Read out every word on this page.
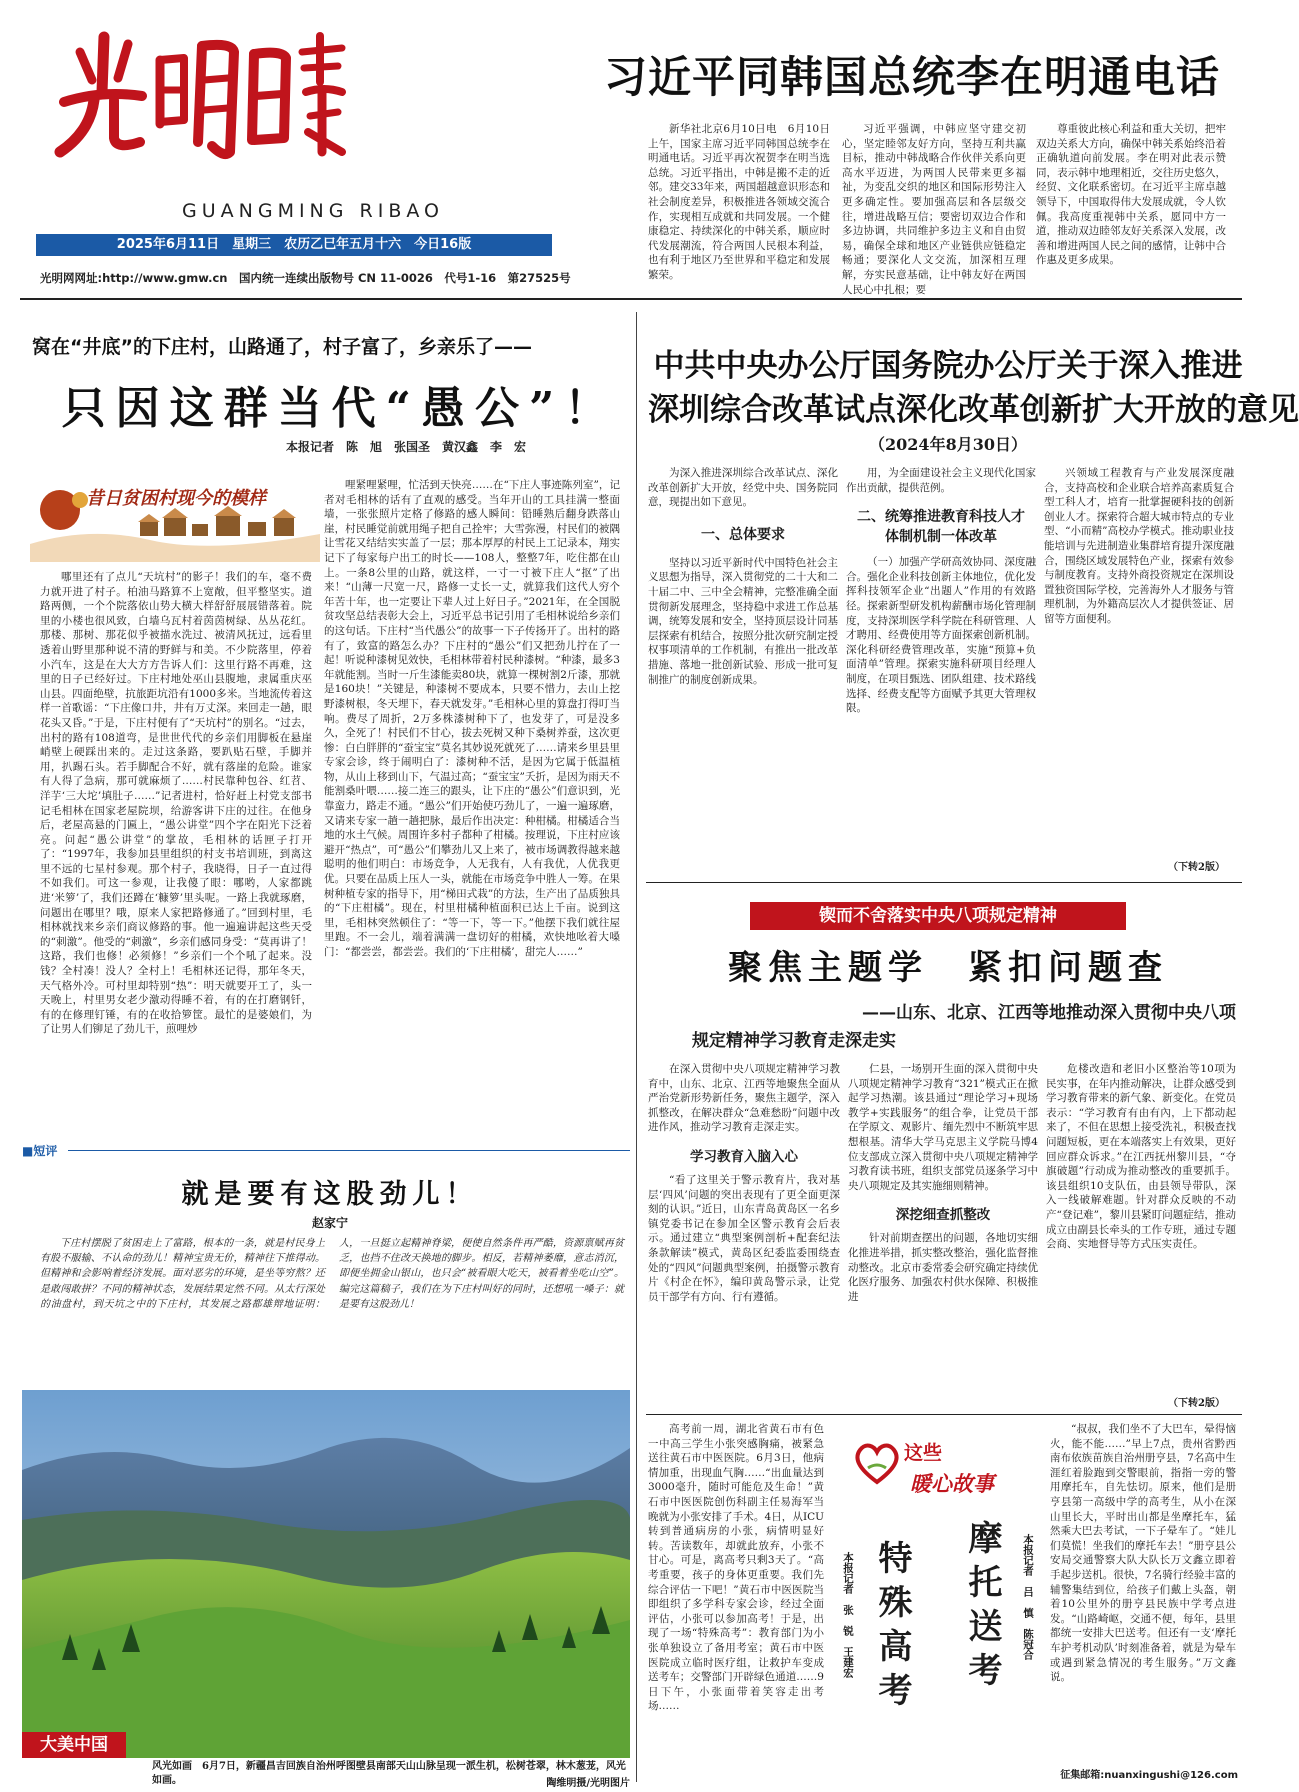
GUANGMING RIBAO
2025年6月11日　星期三　农历乙巳年五月十六　今日16版
光明网网址:http://www.gmw.cn　国内统一连续出版物号 CN 11-0026　代号1-16　第27525号
习近平同韩国总统李在明通电话

新华社北京6月10日电　6月10日上午，国家主席习近平同韩国总统李在明通电话。习近平再次祝贺李在明当选总统。习近平指出，中韩是搬不走的近邻。建交33年来，两国超越意识形态和社会制度差异，积极推进各领域交流合作，实现相互成就和共同发展。一个健康稳定、持续深化的中韩关系，顺应时代发展潮流，符合两国人民根本利益，也有利于地区乃至世界和平稳定和发展繁荣。

习近平强调，中韩应坚守建交初心，坚定睦邻友好方向，坚持互利共赢目标，推动中韩战略合作伙伴关系向更高水平迈进，为两国人民带来更多福祉，为变乱交织的地区和国际形势注入更多确定性。要加强高层和各层级交往，增进战略互信；要密切双边合作和多边协调，共同维护多边主义和自由贸易，确保全球和地区产业链供应链稳定畅通；要深化人文交流，加深相互理解，夯实民意基础，让中韩友好在两国人民心中扎根；要

尊重彼此核心利益和重大关切，把牢双边关系大方向，确保中韩关系始终沿着正确轨道向前发展。李在明对此表示赞同，表示韩中地理相近，交往历史悠久，经贸、文化联系密切。在习近平主席卓越领导下，中国取得伟大发展成就，令人钦佩。我高度重视韩中关系，愿同中方一道，推动双边睦邻友好关系深入发展，改善和增进两国人民之间的感情，让韩中合作惠及更多成果。

窝在“井底”的下庄村，山路通了，村子富了，乡亲乐了——
只因这群当代“愚公”！
本报记者　陈　旭　张国圣　黄汉鑫　李　宏
昔日贫困村现今的模样

哪里还有了点儿“天坑村”的影子！我们的车，毫不费力就开进了村子。柏油马路算不上宽敞，但平整坚实。道路两侧，一个个院落依山势大横大样舒舒展展错落着。院里的小楼也很风致，白墙乌瓦村着茵茵树绿、丛丛花红。那楼、那树、那花似乎被描水洗过、被清风抚过，远看里透着山野里那种说不清的野鲜与和美。不少院落里，停着小汽车，这是在大大方方告诉人们：这里行路不再难，这里的日子已经好过。下庄村地处巫山县腹地，隶属重庆巫山县。四面绝壁，抗旅距坑沿有1000多米。当地流传着这样一首歌谣：“下庄像口井，井有万丈深。来回走一趟，眼花头又昏。”于是，下庄村便有了“天坑村”的别名。“过去，出村的路有108道弯，是世世代代的乡亲们用脚板在悬崖峭壁上硬踩出来的。走过这条路，要趴贴石壁，手脚并用，扒踢石头。若手脚配合不好，就有落崖的危险。谁家有人得了急病，那可就麻烦了……村民靠种包谷、红苕、洋芋‘三大坨’填肚子……”记者进村，恰好赶上村党支部书记毛相林在国家老屋院坝，给游客讲下庄的过往。在他身后，老屋高悬的门匾上，“愚公讲堂”四个字在阳光下泛着亮。问起“愚公讲堂”的掌故，毛相林的话匣子打开了：“1997年，我参加县里组织的村支书培训班，到离这里不远的七星村参观。那个村子，我晓得，日子一直过得不如我们。可这一参观，让我傻了眼：哪哟，人家都跳进‘米箩’了，我们还蹲在‘糠箩’里头呢。一路上我就琢磨，问题出在哪里？哦，原来人家把路修通了。”回到村里，毛相林就找来乡亲们商议修路的事。他一遍遍讲起这些天受的“刺激”。他受的“刺激”，乡亲们感同身受：“莫再讲了！这路，我们也修！必须修！”乡亲们一个个吼了起来。没钱？全村凑！没人？全村上！毛相林还记得，那年冬天，天气格外冷。可村里却特别“热”：明天就要开工了，头一天晚上，村里男女老少激动得睡不着，有的在打磨钢钎，有的在修理钉锤，有的在收拾箩筐。最忙的是婆娘们，为了让男人们铆足了劲儿干，煎哩炒

哩紧哩紧哩，忙活到天快亮……在“下庄人事迹陈列室”，记者对毛相林的话有了直观的感受。当年开山的工具挂满一整面墙，一张张照片定格了修路的感人瞬间：铅睡熟后翻身跌落山崖，村民睡觉前就用绳子把自己拴牢；大雪弥漫，村民们的被隅让雪花又结结实实盖了一层；那本厚厚的村民上工记录本，翔实记下了每家每户出工的时长——108人，整整7年，吃住都在山上。一条8公里的山路，就这样，一寸一寸被下庄人“抠”了出来！“山薄一尺宽一尺，路修一丈长一丈，就算我们这代人穷个年苦十年，也一定要让下辈人过上好日子。”2021年，在全国脱贫攻坚总结表彰大会上，习近平总书记引用了毛相林说给乡亲们的这句话。下庄村“当代愚公”的故事一下子传扬开了。出村的路有了，致富的路怎么办？下庄村的“愚公”们又把劲儿拧在了一起！听说种漆树见效快，毛相林带着村民种漆树。“种漆，最多3年就能割。当时一斤生漆能卖80块，就算一棵树割2斤漆，那就是160块！”关键是，种漆树不要成本，只要不惜力，去山上挖野漆树根，冬天埋下，春天就发芽。”毛相林心里的算盘打得叮当响。费尽了周折，2万多株漆树种下了，也发芽了，可是没多久，全死了！村民们不甘心，拔去死树又种下桑树养蚕，这次更惨：白白胖胖的“蚕宝宝”莫名其妙说死就死了……请来乡里县里专家会诊，终于闹明白了：漆树种不活，是因为它属于低温植物，从山上移到山下，气温过高；“蚕宝宝”夭折，是因为雨天不能割桑叶喂……接二连三的跟头，让下庄的“愚公”们意识到，光靠蛮力，路走不通。“愚公”们开始使巧劲儿了，一遍一遍琢磨，又请来专家一趟一趟把脉，最后作出决定：种柑橘。柑橘适合当地的水土气候。周围许多村子都种了柑橘。按理说，下庄村应该避开“热点”，可“愚公”们攀劲儿又上来了，被市场调教得越来越聪明的他们明白：市场竞争，人无我有，人有我优，人优我更优。只要在品质上压人一头，就能在市场竞争中胜人一筹。在果树种植专家的指导下，用“梯田式栽”的方法，生产出了品质独具的“下庄柑橘”。现在，村里柑橘种植面积已达上千亩。说到这里，毛相林突然顿住了：“等一下，等一下。”他摆下我们就往屋里跑。不一会儿，端着满满一盘切好的柑橘，欢快地吆着大嗓门：“都尝尝，都尝尝。我们的‘下庄柑橘’，甜完人……”

■短评
就是要有这股劲儿！
赵家宁

下庄村摆脱了贫困走上了富路，根本的一条，就是村民身上有股不服输、不认命的劲儿！精神宝贵无价，精神往下推得动。但精神和会影响着经济发展。面对恶劣的环境，是坐等穷熬？还是敢闯敢拼？不同的精神状态，发展结果定然不同。从太行深处的油盘村，到天坑之中的下庄村，其发展之路都雄辩地证明：人，一旦挺立起精神脊梁，便使自然条件再严酷，资源禀赋再贫乏，也挡不住改天换地的脚步。相反，若精神萎靡，意志消沉，即便坐拥金山银山，也只会“被看眼大吃天，被看着坐吃山空”。编完这篇稿子，我们在为下庄村叫好的同时，还想吼一嗓子：就是要有这股劲儿！

大美中国
风光如画　6月7日，新疆昌吉回族自治州呼图壁县南部天山山脉呈现一派生机，松树苍翠，林木葱茏，风光如画。	陶维明摄/光明图片
中共中央办公厅国务院办公厅关于深入推进
深圳综合改革试点深化改革创新扩大开放的意见
（2024年8月30日）

为深入推进深圳综合改革试点、深化改革创新扩大开放，经党中央、国务院同意，现提出如下意见。

一、总体要求

坚持以习近平新时代中国特色社会主义思想为指导，深入贯彻党的二十大和二十届二中、三中全会精神，完整准确全面贯彻新发展理念，坚持稳中求进工作总基调，统筹发展和安全，坚持顶层设计同基层探索有机结合，按照分批次研究制定授权事项清单的工作机制，有推出一批改革措施、落地一批创新试验、形成一批可复制推广的制度创新成果。

用，为全面建设社会主义现代化国家作出贡献，提供范例。

二、统筹推进教育科技人才体制机制一体改革

（一）加强产学研高效协同、深度融合。强化企业科技创新主体地位，优化发挥科技领军企业“出题人”作用的有效路径。探索新型研发机构薪酬市场化管理制度，支持深圳医学科学院在科研管理、人才聘用、经费使用等方面探索创新机制。深化科研经费管理改革，实施“预算+负面清单”管理。探索实施科研项目经理人制度，在项目甄选、团队组建、技术路线选择、经费支配等方面赋予其更大管理权限。

兴领域工程教育与产业发展深度融合，支持高校和企业联合培养高素质复合型工科人才，培育一批掌握硬科技的创新创业人才。探索符合超大城市特点的专业型、“小而精”高校办学模式。推动职业技能培训与先进制造业集群培育提升深度融合，围绕区域发展特色产业，探索有效参与制度教育。支持外商投资规定在深圳设置独资国际学校，完善海外人才服务与管理机制，为外籍高层次人才提供签证、居留等方面便利。

（下转2版）
锲而不舍落实中央八项规定精神
聚焦主题学　紧扣问题查
——山东、北京、江西等地推动深入贯彻中央八项
规定精神学习教育走深走实

在深入贯彻中央八项规定精神学习教育中，山东、北京、江西等地聚焦全面从严治党新形势新任务，聚焦主题学，深入抓整改，在解决群众“急难愁盼”问题中改进作风，推动学习教育走深走实。

学习教育入脑入心

“看了这里关于警示教育片，我对基层‘四风’问题的突出表现有了更全面更深刻的认识。”近日，山东青岛黄岛区一名乡镇党委书记在参加全区警示教育会后表示。通过建立“典型案例剖析+配套纪法条款解读”模式，黄岛区纪委监委围绕查处的“四风”问题典型案例，拍摄警示教育片《村企在怀》，编印黄岛警示录，让党员干部学有方向、行有遵循。

仁县，一场别开生面的深入贯彻中央八项规定精神学习教育“321”模式正在掀起学习热潮。该县通过“理论学习+现场教学+实践服务”的组合拳，让党员干部在学原文、观影片、缅先烈中不断筑牢思想根基。清华大学马克思主义学院马博4位支部成立深入贯彻中央八项规定精神学习教育读书班，组织支部党员逐条学习中央八项规定及其实施细则精神。

深挖细查抓整改

针对前期查摆出的问题，各地切实细化推进举措，抓实整改整治，强化监督推动整改。北京市委常委会研究确定持续优化医疗服务、加强农村供水保障、积极推进

危楼改造和老旧小区整治等10项为民实事，在年内推动解决，让群众感受到学习教育带来的新气象、新变化。在党员表示：“学习教育有由有內，上下都动起来了，不但在思想上接受洗礼，积极查找问题短板，更在本端落实上有效果，更好回应群众诉求。”在江西抚州黎川县，“夺旗破题”行动成为推动整改的重要抓手。该县组织10支队伍，由县领导带队，深入一线破解难题。针对群众反映的不动产“登记难”，黎川县紧盯问题症结，推动成立由副县长牵头的工作专班，通过专题会商、实地督导等方式压实责任。

（下转2版）

高考前一周，湖北省黄石市有色一中高三学生小张突感胸痛，被紧急送往黄石市中医医院。6月3日，他病情加重，出现血气胸……“出血量达到3000毫升，随时可能危及生命！”黄石市中医医院创伤科副主任易海军当晚就为小张安排了手术。4日，从ICU转到普通病房的小张，病情明显好转。苦读数年，却就此放弃，小张不甘心。可是，离高考只剩3天了。“高考重要，孩子的身体更重要。我们先综合评估一下吧！”黄石市中医医院当即组织了多学科专家会诊，经过全面评估，小张可以参加高考！于是，出现了一场“特殊高考”：教育部门为小张单独设立了备用考室；黄石市中医医院成立临时医疗组，让救护车变成送考车；交警部门开辟绿色通道……9日下午，小张面带着笑容走出考场……

这些
暖心故事
本报记者　张　锐　王建宏 特殊高考 摩托送考	本报记者　吕　慎　陈冠合

“叔叔，我们坐不了大巴车，晕得恼火，能不能……”早上7点，贵州省黔西南布依族苗族自治州册亨县，7名高中生涯红着脸跑到交警眼前，指指一旁的警用摩托车，自先怯切。原来，他们是册亨县第一高级中学的高考生，从小在深山里长大，平时出山都是坐摩托车，猛然乘大巴去考试，一下子晕车了。“娃儿们莫慌！坐我们的摩托车去！”册亨县公安局交通警察大队大队长万文鑫立即着手起步送机。很快，7名骑行经验丰富的辅警集结到位，给孩子们戴上头盔，朝着10公里外的册亨县民族中学考点进发。“山路崎岖，交通不便，每年，县里都统一安排大巴送考。但还有一支‘摩托车护考机动队’时刻准备着，就是为晕车或遇到紧急情况的考生服务。”万文鑫说。

征集邮箱:nuanxingushi@126.com
